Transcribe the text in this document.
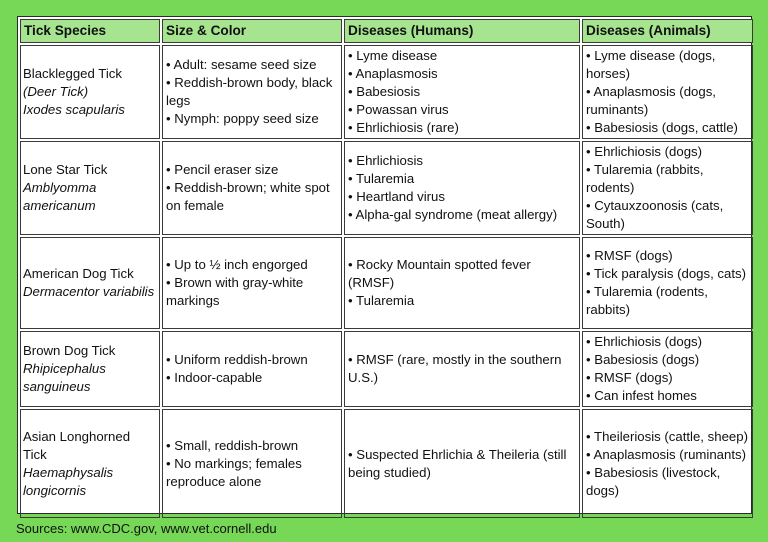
Tick Species	Size & Color	Diseases (Humans)	Diseases (Animals)

Blacklegged Tick
(Deer Tick)
Ixodes scapularis	• Adult: sesame seed size
• Reddish-brown body, black legs
• Nymph: poppy seed size	• Lyme disease
• Anaplasmosis
• Babesiosis
• Powassan virus
• Ehrlichiosis (rare)	• Lyme disease (dogs, horses)
• Anaplasmosis (dogs, ruminants)
• Babesiosis (dogs, cattle)

Lone Star Tick
Amblyomma americanum	• Pencil eraser size
• Reddish-brown; white spot on female	• Ehrlichiosis
• Tularemia
• Heartland virus
• Alpha-gal syndrome (meat allergy)	• Ehrlichiosis (dogs)
• Tularemia (rabbits, rodents)
• Cytauxzoonosis (cats, South)

American Dog Tick
Dermacentor variabilis	• Up to ½ inch engorged
• Brown with gray-white markings	• Rocky Mountain spotted fever (RMSF)
• Tularemia	• RMSF (dogs)
• Tick paralysis (dogs, cats)
• Tularemia (rodents, rabbits)

Brown Dog Tick
Rhipicephalus sanguineus	• Uniform reddish-brown
• Indoor-capable	• RMSF (rare, mostly in the southern U.S.)	• Ehrlichiosis (dogs)
• Babesiosis (dogs)
• RMSF (dogs)
• Can infest homes

Asian Longhorned Tick
Haemaphysalis longicornis	• Small, reddish-brown
• No markings; females reproduce alone	• Suspected Ehrlichia & Theileria (still being studied)	• Theileriosis (cattle, sheep)
• Anaplasmosis (ruminants)
• Babesiosis (livestock, dogs)
Sources: www.CDC.gov, www.vet.cornell.edu
